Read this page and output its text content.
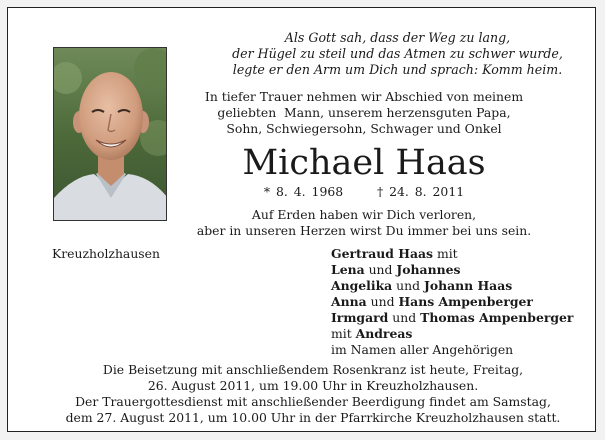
Als Gott sah, dass der Weg zu lang,
der Hügel zu steil und das Atmen zu schwer wurde,
legte er den Arm um Dich und sprach: Komm heim.
In tiefer Trauer nehmen wir Abschied von meinem
geliebten  Mann, unserem herzensguten Papa,
Sohn, Schwiegersohn, Schwager und Onkel
Michael Haas
* 8. 4. 1968	† 24. 8. 2011
Auf Erden haben wir Dich verloren,
aber in unseren Herzen wirst Du immer bei uns sein.
Kreuzholzhausen	Gertraud Haas mit
Lena und Johannes
Angelika und Johann Haas
Anna und Hans Ampenberger
Irmgard und Thomas Ampenberger
mit Andreas
im Namen aller Angehörigen
Die Beisetzung mit anschließendem Rosenkranz ist heute, Freitag,
26. August 2011, um 19.00 Uhr in Kreuzholzhausen.
Der Trauergottesdienst mit anschließender Beerdigung findet am Samstag,
dem 27. August 2011, um 10.00 Uhr in der Pfarrkirche Kreuzholzhausen statt.
